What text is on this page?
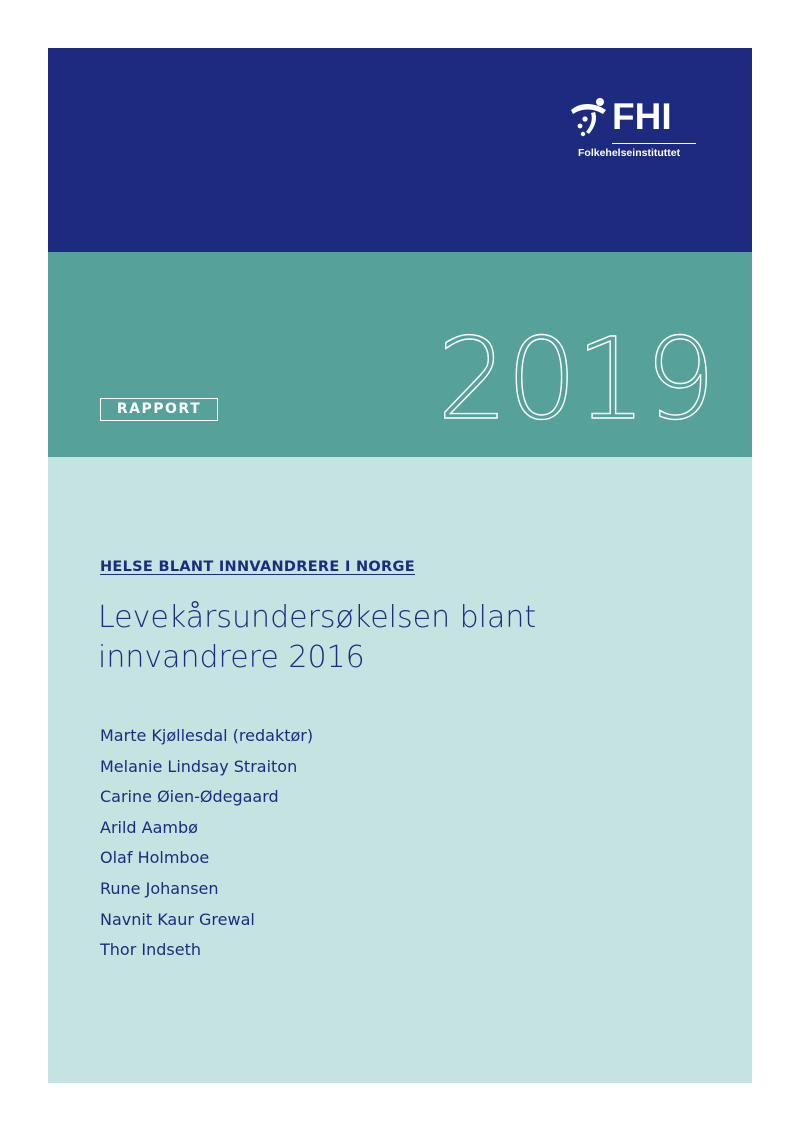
FHI
Folkehelseinstituttet
2019
RAPPORT
HELSE BLANT INNVANDRERE I NORGE
Levekårsundersøkelsen blant
innvandrere 2016
Marte Kjøllesdal (redaktør)
Melanie Lindsay Straiton
Carine Øien-Ødegaard
Arild Aambø
Olaf Holmboe
Rune Johansen
Navnit Kaur Grewal
Thor Indseth
